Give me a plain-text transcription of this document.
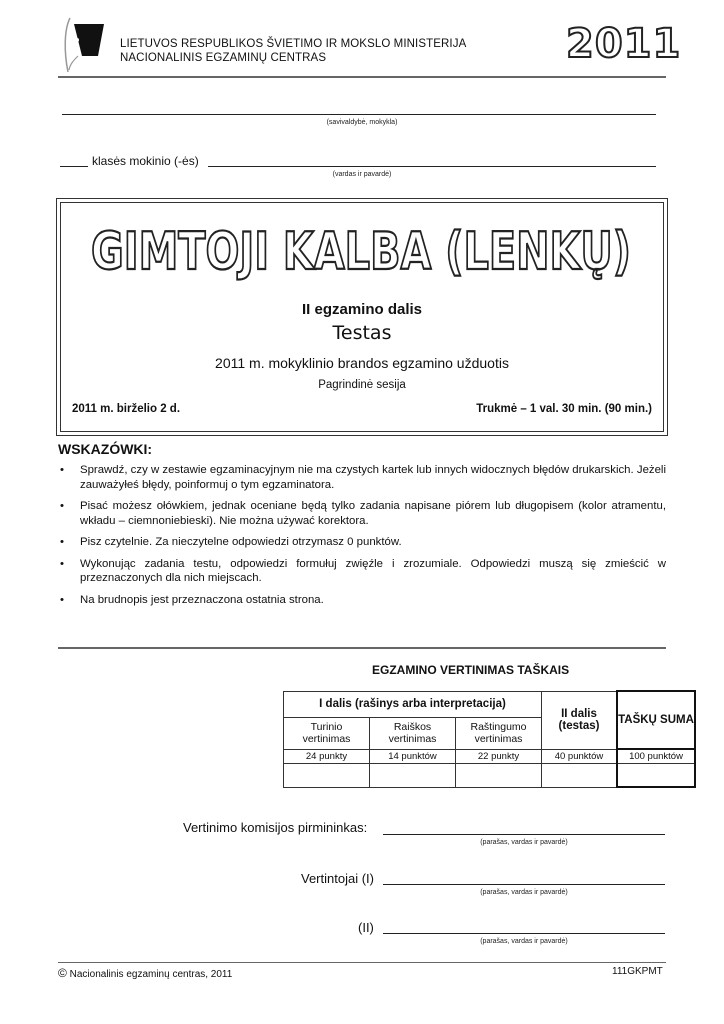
LIETUVOS RESPUBLIKOS ŠVIETIMO IR MOKSLO MINISTERIJA
NACIONALINIS EGZAMINŲ CENTRAS	2011
(savivaldybė, mokykla)
klasės mokinio (-ės)
(vardas ir pavardė)
GIMTOJI KALBA (LENKŲ)
II egzamino dalis
Testas
2011 m. mokyklinio brandos egzamino užduotis
Pagrindinė sesija
2011 m. birželio 2 d.	Trukmė – 1 val. 30 min. (90 min.)
WSKAZÓWKI:
• Sprawdź, czy w zestawie egzaminacyjnym nie ma czystych kartek lub innych widocznych błędów drukarskich. Jeżeli zauważyłeś błędy, poinformuj o tym egzaminatora.
• Pisać możesz ołówkiem, jednak oceniane będą tylko zadania napisane piórem lub długopisem (kolor atramentu, wkładu – ciemnoniebieski). Nie można używać korektora.
• Pisz czytelnie. Za nieczytelne odpowiedzi otrzymasz 0 punktów.
• Wykonując zadania testu, odpowiedzi formułuj zwięźle i zrozumiale. Odpowiedzi muszą się zmieścić w przeznaczonych dla nich miejscach.
• Na brudnopis jest przeznaczona ostatnia strona.
EGZAMINO VERTINIMAS TAŠKAIS
I dalis (rašinys arba interpretacija)			II dalis (testas)	TAŠKŲ SUMA
Turinio vertinimas	Raiškos vertinimas	Raštingumo vertinimas		
24 punkty	14 punktów	22 punkty	40 punktów	100 punktów

Vertinimo komisijos pirmininkas:
(parašas, vardas ir pavardė)
Vertintojai (I)
(parašas, vardas ir pavardė)
(II)
(parašas, vardas ir pavardė)
© Nacionalinis egzaminų centras, 2011	111GKPMT
